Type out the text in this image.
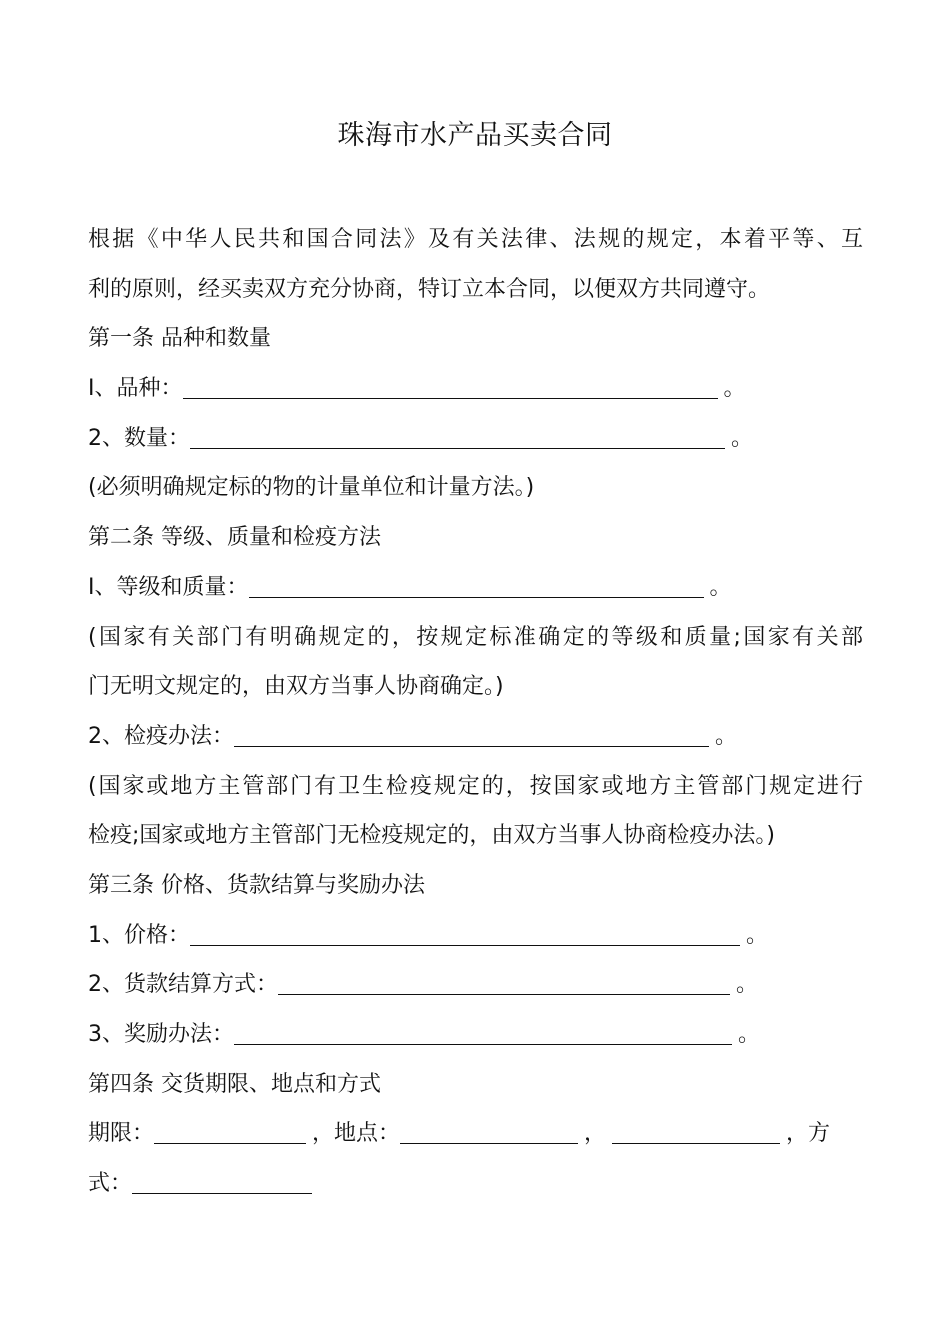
珠海市水产品买卖合同
根据《中华人民共和国合同法》及有关法律、法规的规定，本着平等、互
利的原则，经买卖双方充分协商，特订立本合同，以便双方共同遵守。
第一条 品种和数量
I、品种：	。
2、数量：	。
(必须明确规定标的物的计量单位和计量方法。)
第二条 等级、质量和检疫方法
I、等级和质量：	。
(国家有关部门有明确规定的，按规定标准确定的等级和质量;国家有关部
门无明文规定的，由双方当事人协商确定。)
2、检疫办法：	。
(国家或地方主管部门有卫生检疫规定的，按国家或地方主管部门规定进行
检疫;国家或地方主管部门无检疫规定的，由双方当事人协商检疫办法。)
第三条 价格、货款结算与奖励办法
1、价格：	。
2、货款结算方式：	。
3、奖励办法：	。
第四条 交货期限、地点和方式
期限：	，地点：	，	，方
式：
